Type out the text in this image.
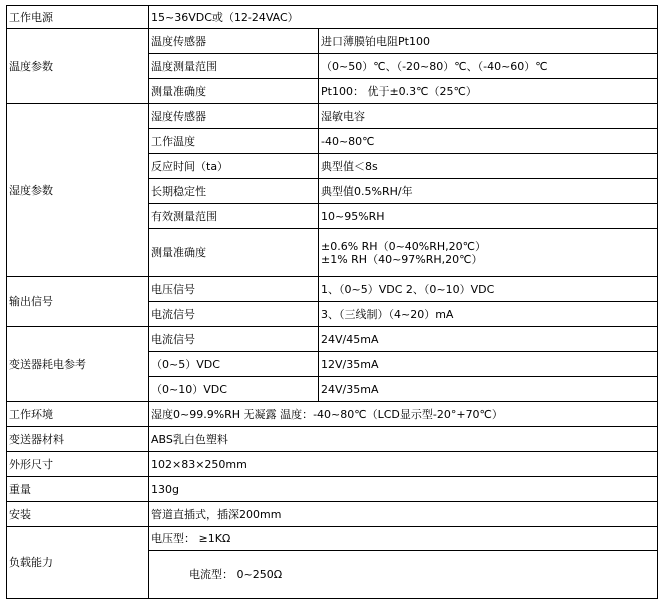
工作电源	15~36VDC或（12-24VAC）	
温度参数	温度传感器	进口薄膜铂电阻Pt100
	温度测量范围	（0~50）℃、（-20~80）℃、（-40~60）℃
	测量准确度	Pt100： 优于±0.3℃（25℃）
湿度参数	湿度传感器	湿敏电容
	工作温度	-40~80℃
	反应时间（ta）	典型值＜8s
	长期稳定性	典型值0.5%RH/年
	有效测量范围	10~95%RH
	测量准确度	±0.6% RH（0~40%RH,20℃）
±1% RH（40~97%RH,20℃）

输出信号	电压信号	1、（0~5）VDC 2、（0~10）VDC
	电流信号	3、（三线制）（4~20）mA
变送器耗电参考	电流信号	24V/45mA
	（0~5）VDC	12V/35mA
	（0~10）VDC	24V/35mA
工作环境	湿度0~99.9%RH 无凝露 温度：-40~80℃（LCD显示型-20°+70℃）	
变送器材料	ABS乳白色塑料	
外形尺寸	102×83×250mm	
重量	130g	
安装	管道直插式，插深200mm	
负载能力	电压型： ≥1KΩ	

	电流型： 0~250Ω	
